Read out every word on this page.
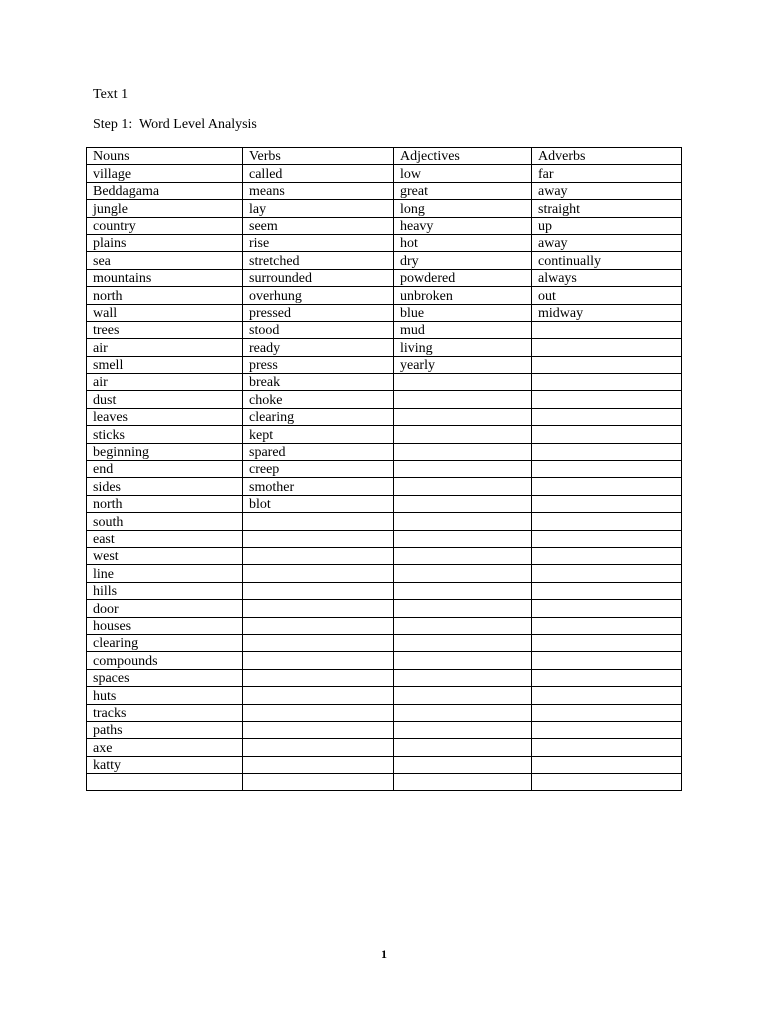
Text 1
Step 1:  Word Level Analysis
Nouns	Verbs	Adjectives	Adverbs
village	called	low	far
Beddagama	means	great	away
jungle	lay	long	straight
country	seem	heavy	up
plains	rise	hot	away
sea	stretched	dry	continually
mountains	surrounded	powdered	always
north	overhung	unbroken	out
wall	pressed	blue	midway
trees	stood	mud	
air	ready	living	
smell	press	yearly	
air	break		
dust	choke		
leaves	clearing		
sticks	kept		
beginning	spared		
end	creep		
sides	smother		
north	blot		
south			
east			
west			
line			
hills			
door			
houses			
clearing			
compounds			
spaces			
huts			
tracks			
paths			
axe			
katty			

1
